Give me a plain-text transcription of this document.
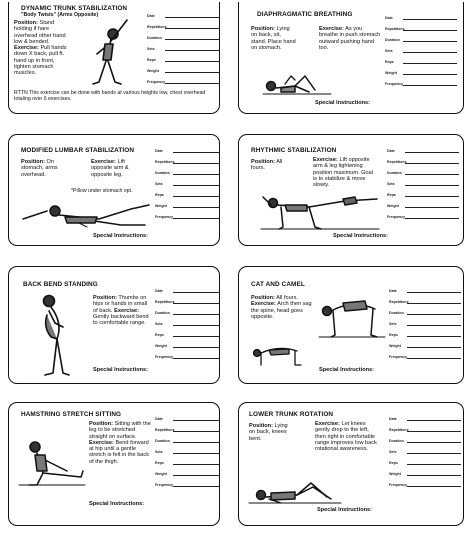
DYNAMIC TRUNK STABILIZATION
"Body Twists" (Arms Opposite)
Position: Stand holding if hare overhead other hand low & bended. Exercise: Pull hands down X back, pull ft. hand up in front, tighten stomach muscles.
RTTN This exercise can be done with bands at various heights low, chest overhead totaling over 6 exercises.
Date
Repetitions
Duration
Sets
Reps
Weight
Frequency
DIAPHRAGMATIC BREATHING
Position: Lying on back, sit, stand. Place hand on stomach.
Exercise: As you breathe in push stomach outward pushing hand too.
Special Instructions:
Date
Repetitions
Duration
Sets
Reps
Weight
Frequency
MODIFIED LUMBAR STABILIZATION
Position: On stomach, arms overhead.
Exercise: Lift opposite arm & opposite leg.
*Pillow under stomach opt.
Special Instructions:
Date
Repetitions
Duration
Sets
Reps
Weight
Frequency
RHYTHMIC STABILIZATION
Position: All fours.
Exercise: Lift opposite arm & leg tightening position maximum. Goal is to stabilize & move slowly.
Special Instructions:
Date
Repetitions
Duration
Sets
Reps
Weight
Frequency
BACK BEND STANDING
Position: Thumbs on hips or hands in small of back. Exercise: Gently backward bend to comfortable range.
Special Instructions:
Date
Repetitions
Duration
Sets
Reps
Weight
Frequency
CAT AND CAMEL
Position: All fours. Exercise: Arch then sag the spine, head goes opposite.
Special Instructions:
Date
Repetitions
Duration
Sets
Reps
Weight
Frequency
HAMSTRING STRETCH SITTING
Position: Sitting with the leg to be stretched straight on surface. Exercise: Bend forward at hip until a gentle stretch is felt in the back of the thigh.
Special Instructions:
Date
Repetitions
Duration
Sets
Reps
Weight
Frequency
LOWER TRUNK ROTATION
Position: Lying on back, knees bent.
Exercise: Let knees gently drop to the left, then right in comfortable range improves low back rotational awareness.
Special Instructions:
Date
Repetitions
Duration
Sets
Reps
Weight
Frequency
